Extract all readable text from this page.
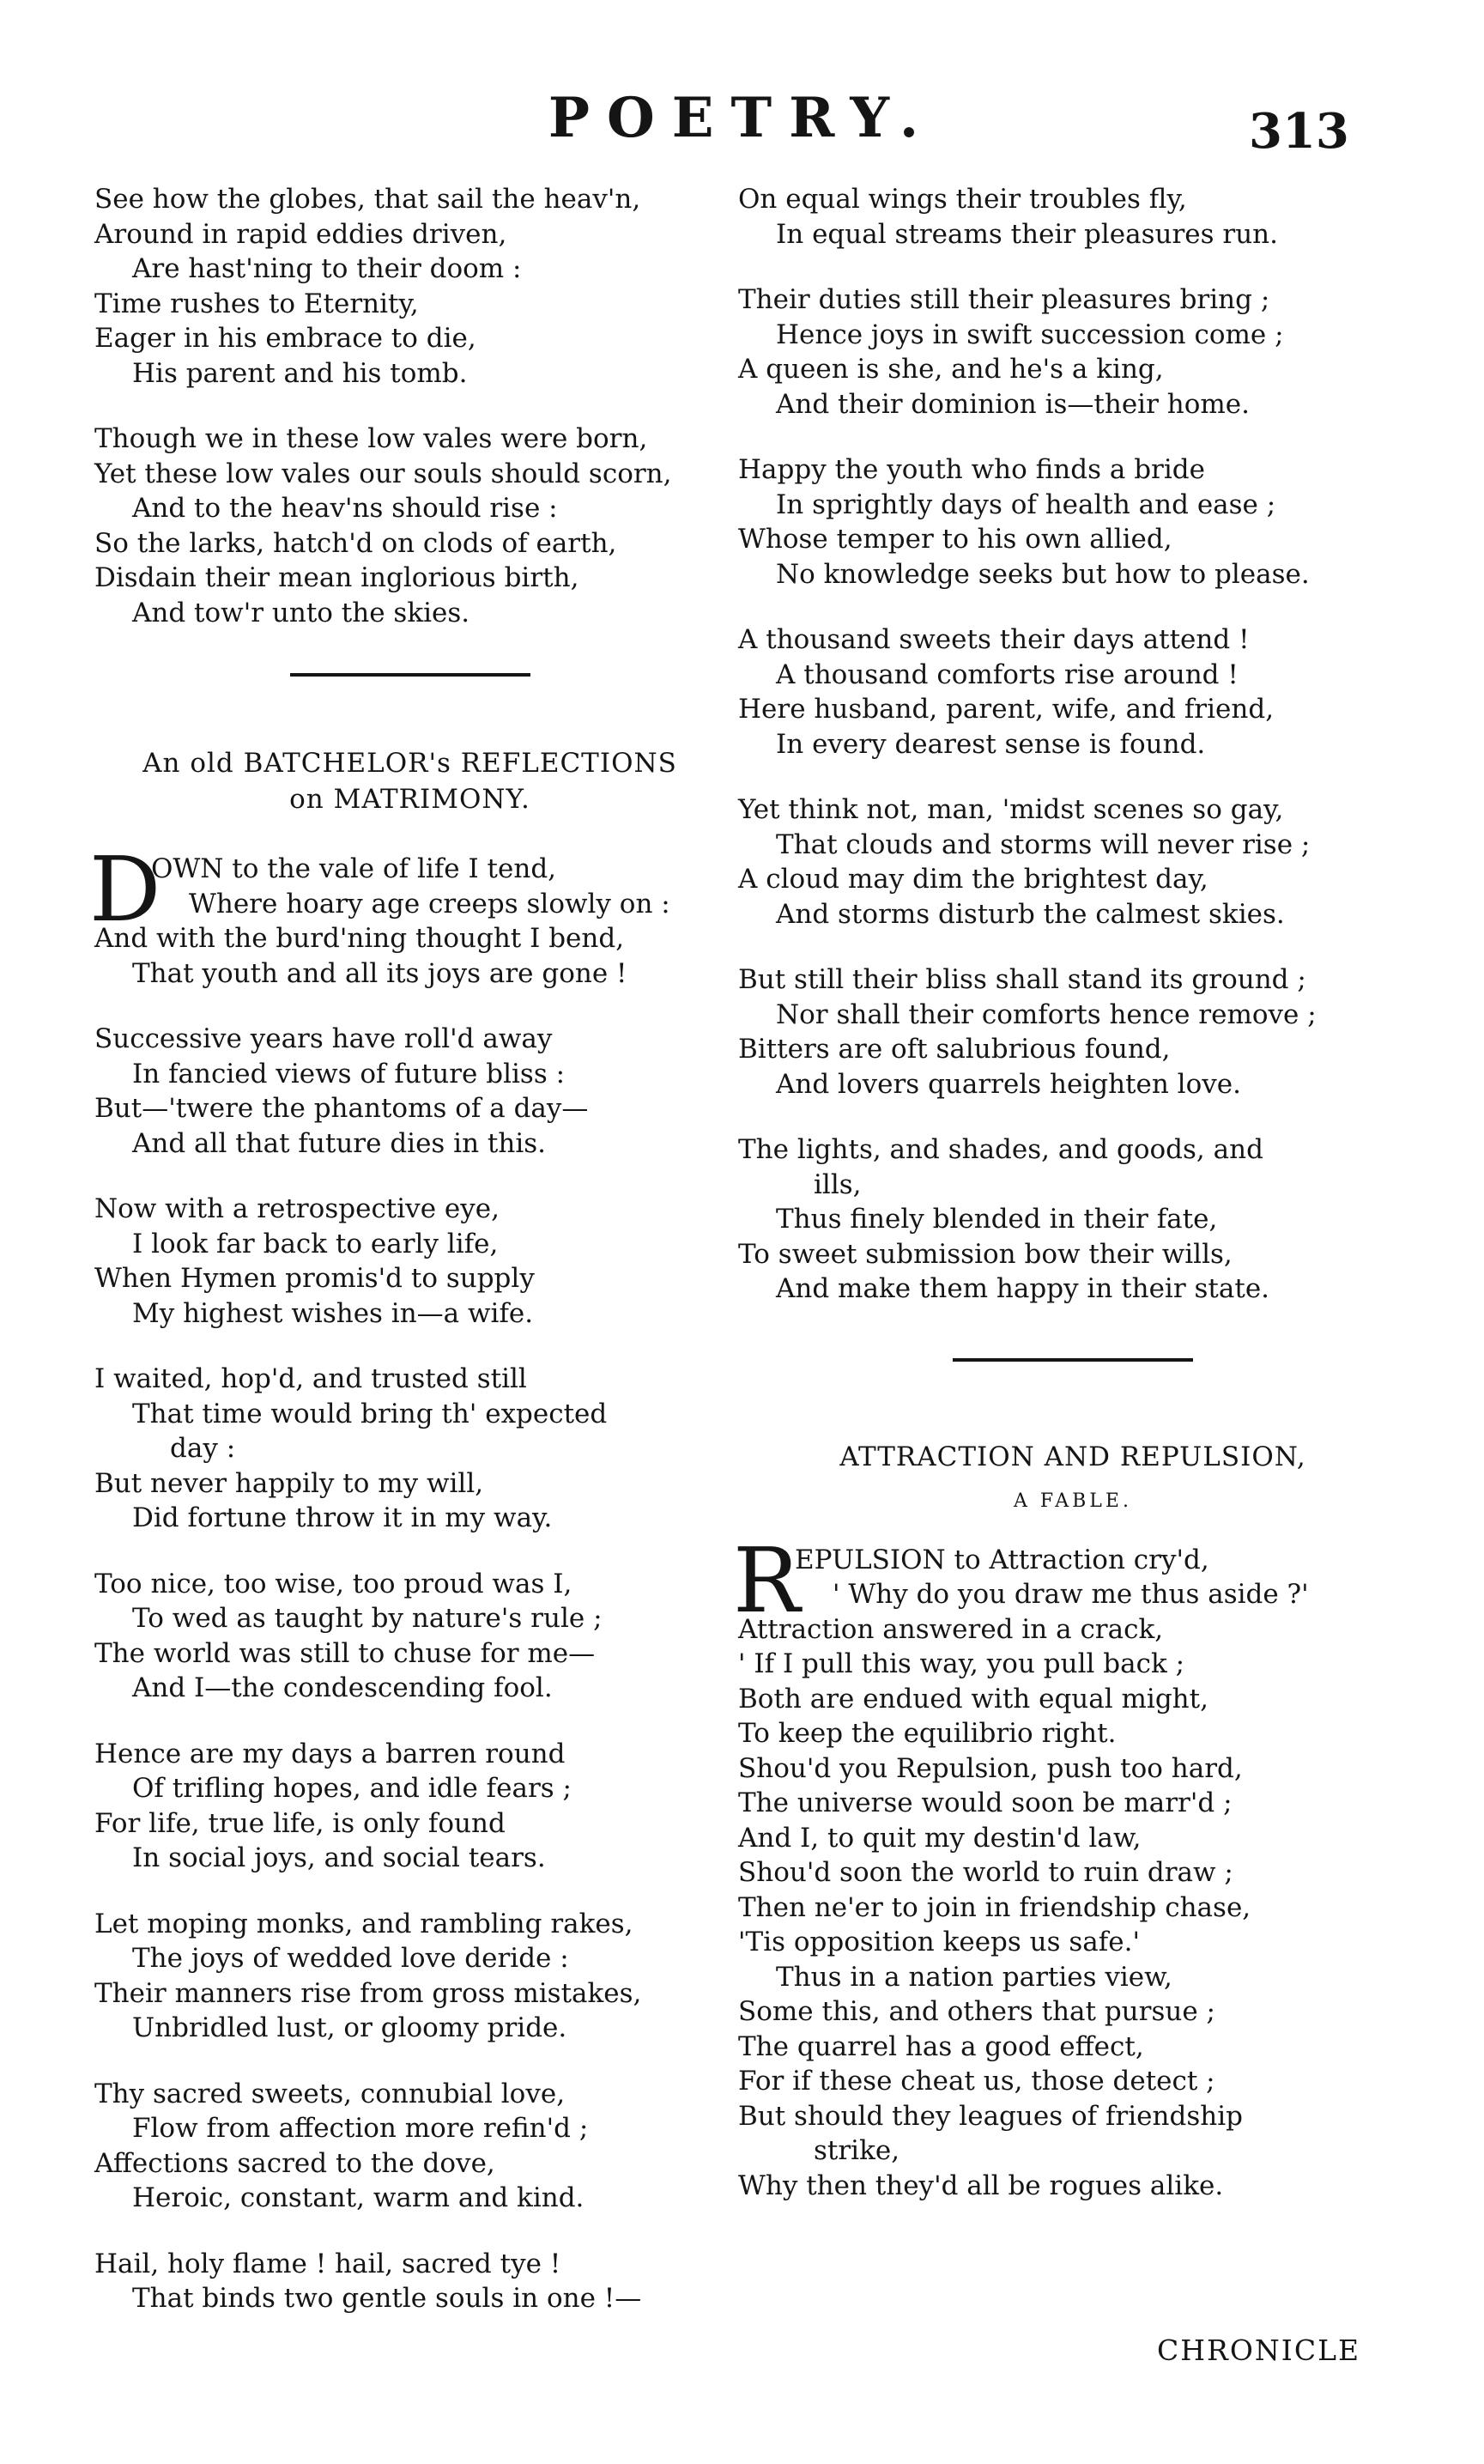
POETRY.	313
See how the globes, that sail the heav'n,
Around in rapid eddies driven,
Are hast'ning to their doom :
Time rushes to Eternity,
Eager in his embrace to die,
His parent and his tomb.
Though we in these low vales were born,
Yet these low vales our souls should scorn,
And to the heav'ns should rise :
So the larks, hatch'd on clods of earth,
Disdain their mean inglorious birth,
And tow'r unto the skies.
An old BATCHELOR's REFLECTIONS
on MATRIMONY.
D
OWN to the vale of life I tend,
Where hoary age creeps slowly on :
And with the burd'ning thought I bend,
That youth and all its joys are gone !
Successive years have roll'd away
In fancied views of future bliss :
But—'twere the phantoms of a day—
And all that future dies in this.
Now with a retrospective eye,
I look far back to early life,
When Hymen promis'd to supply
My highest wishes in—a wife.
I waited, hop'd, and trusted still
That time would bring th' expected
day :
But never happily to my will,
Did fortune throw it in my way.
Too nice, too wise, too proud was I,
To wed as taught by nature's rule ;
The world was still to chuse for me—
And I—the condescending fool.
Hence are my days a barren round
Of trifling hopes, and idle fears ;
For life, true life, is only found
In social joys, and social tears.
Let moping monks, and rambling rakes,
The joys of wedded love deride :
Their manners rise from gross mistakes,
Unbridled lust, or gloomy pride.
Thy sacred sweets, connubial love,
Flow from affection more refin'd ;
Affections sacred to the dove,
Heroic, constant, warm and kind.
Hail, holy flame ! hail, sacred tye !
That binds two gentle souls in one !—
On equal wings their troubles fly,
In equal streams their pleasures run.
Their duties still their pleasures bring ;
Hence joys in swift succession come ;
A queen is she, and he's a king,
And their dominion is—their home.
Happy the youth who finds a bride
In sprightly days of health and ease ;
Whose temper to his own allied,
No knowledge seeks but how to please.
A thousand sweets their days attend !
A thousand comforts rise around !
Here husband, parent, wife, and friend,
In every dearest sense is found.
Yet think not, man, 'midst scenes so gay,
That clouds and storms will never rise ;
A cloud may dim the brightest day,
And storms disturb the calmest skies.
But still their bliss shall stand its ground ;
Nor shall their comforts hence remove ;
Bitters are oft salubrious found,
And lovers quarrels heighten love.
The lights, and shades, and goods, and
ills,
Thus finely blended in their fate,
To sweet submission bow their wills,
And make them happy in their state.
ATTRACTION AND REPULSION,
A FABLE.
R
EPULSION to Attraction cry'd,
' Why do you draw me thus aside ?'
Attraction answered in a crack,
' If I pull this way, you pull back ;
Both are endued with equal might,
To keep the equilibrio right.
Shou'd you Repulsion, push too hard,
The universe would soon be marr'd ;
And I, to quit my destin'd law,
Shou'd soon the world to ruin draw ;
Then ne'er to join in friendship chase,
'Tis opposition keeps us safe.'
Thus in a nation parties view,
Some this, and others that pursue ;
The quarrel has a good effect,
For if these cheat us, those detect ;
But should they leagues of friendship
strike,
Why then they'd all be rogues alike.
CHRONICLE
